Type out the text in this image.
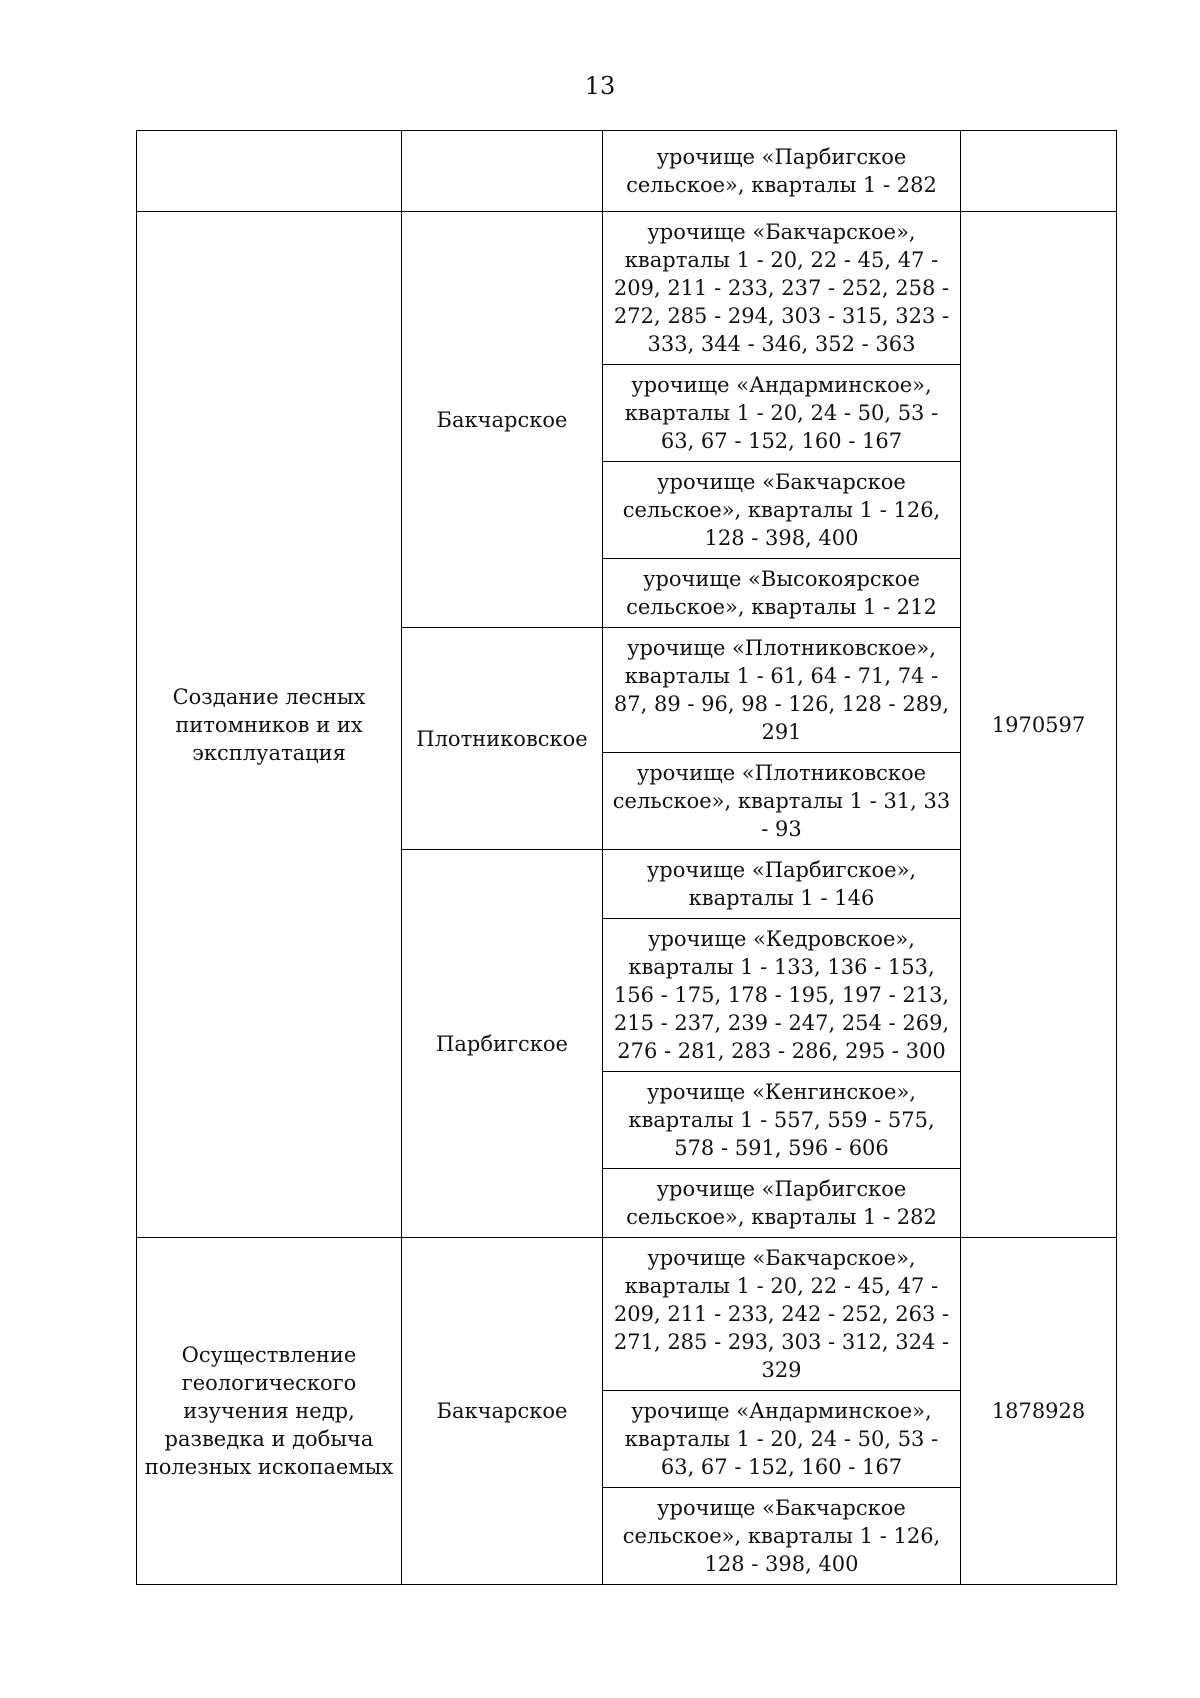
13
		урочище «Парбигское сельское», кварталы 1 - 282	
Создание лесных питомников и их эксплуатация	Бакчарское	урочище «Бакчарское», кварталы 1 - 20, 22 - 45, 47 - 209, 211 - 233, 237 - 252, 258 - 272, 285 - 294, 303 - 315, 323 - 333, 344 - 346, 352 - 363	1970597
		урочище «Андарминское», кварталы 1 - 20, 24 - 50, 53 - 63, 67 - 152, 160 - 167	
		урочище «Бакчарское сельское», кварталы 1 - 126, 128 - 398, 400	
		урочище «Высокоярское сельское», кварталы 1 - 212	
	Плотниковское	урочище «Плотниковское», кварталы 1 - 61, 64 - 71, 74 - 87, 89 - 96, 98 - 126, 128 - 289, 291	
		урочище «Плотниковское сельское», кварталы 1 - 31, 33 - 93	
	Парбигское	урочище «Парбигское», кварталы 1 - 146	
		урочище «Кедровское», кварталы 1 - 133, 136 - 153, 156 - 175, 178 - 195, 197 - 213, 215 - 237, 239 - 247, 254 - 269, 276 - 281, 283 - 286, 295 - 300	
		урочище «Кенгинское», кварталы 1 - 557, 559 - 575, 578 - 591, 596 - 606	
		урочище «Парбигское сельское», кварталы 1 - 282	
Осуществление геологического изучения недр, разведка и добыча полезных ископаемых	Бакчарское	урочище «Бакчарское», кварталы 1 - 20, 22 - 45, 47 - 209, 211 - 233, 242 - 252, 263 - 271, 285 - 293, 303 - 312, 324 - 329	1878928
		урочище «Андарминское», кварталы 1 - 20, 24 - 50, 53 - 63, 67 - 152, 160 - 167	
		урочище «Бакчарское сельское», кварталы 1 - 126, 128 - 398, 400	
